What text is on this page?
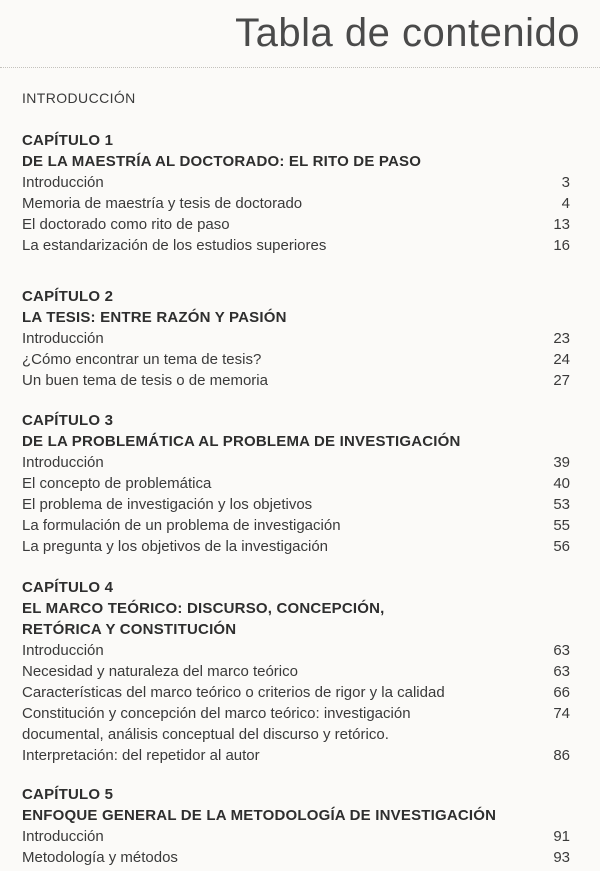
Tabla de contenido
INTRODUCCIÓN
CAPÍTULO 1
DE LA MAESTRÍA AL DOCTORADO: EL RITO DE PASO
Introducción	3
Memoria de maestría y tesis de doctorado	4
El doctorado como rito de paso	13
La estandarización de los estudios superiores	16
CAPÍTULO 2
LA TESIS: ENTRE RAZÓN Y PASIÓN
Introducción	23
¿Cómo encontrar un tema de tesis?	24
Un buen tema de tesis o de memoria	27
CAPÍTULO 3
DE LA PROBLEMÁTICA AL PROBLEMA DE INVESTIGACIÓN
Introducción	39
El concepto de problemática	40
El problema de investigación y los objetivos	53
La formulación de un problema de investigación	55
La pregunta y los objetivos de la investigación	56
CAPÍTULO 4
EL MARCO TEÓRICO: DISCURSO, CONCEPCIÓN,
RETÓRICA Y CONSTITUCIÓN
Introducción	63
Necesidad y naturaleza del marco teórico	63
Características del marco teórico o criterios de rigor y la calidad	66
Constitución y concepción del marco teórico: investigación	74
documental, análisis conceptual del discurso y retórico.
Interpretación: del repetidor al autor	86
CAPÍTULO 5
ENFOQUE GENERAL DE LA METODOLOGÍA DE INVESTIGACIÓN
Introducción	91
Metodología y métodos	93
